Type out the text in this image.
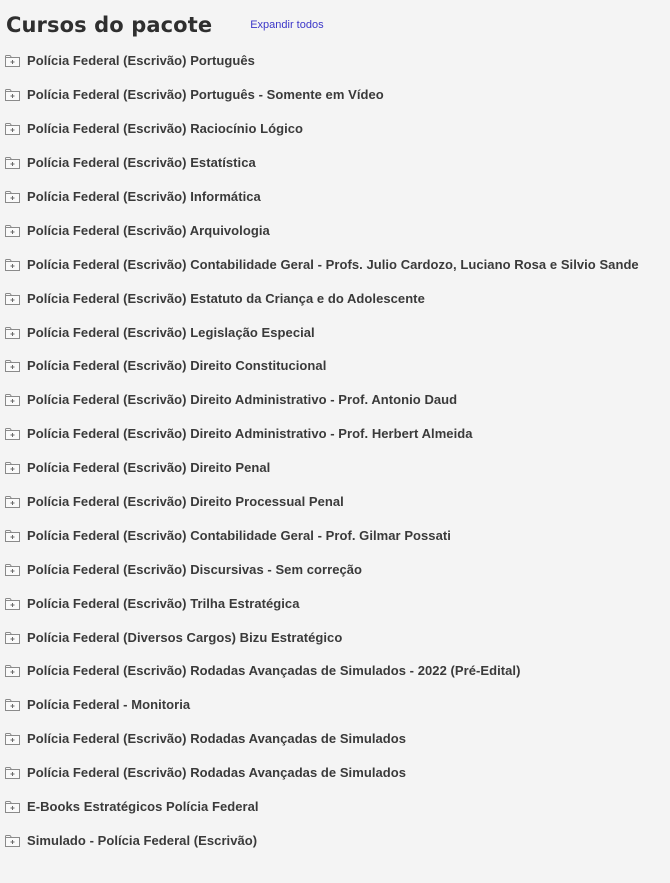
Cursos do pacote	Expandir todos
Polícia Federal (Escrivão) Português
Polícia Federal (Escrivão) Português - Somente em Vídeo
Polícia Federal (Escrivão) Raciocínio Lógico
Polícia Federal (Escrivão) Estatística
Polícia Federal (Escrivão) Informática
Polícia Federal (Escrivão) Arquivologia
Polícia Federal (Escrivão) Contabilidade Geral - Profs. Julio Cardozo, Luciano Rosa e Silvio Sande
Polícia Federal (Escrivão) Estatuto da Criança e do Adolescente
Polícia Federal (Escrivão) Legislação Especial
Polícia Federal (Escrivão) Direito Constitucional
Polícia Federal (Escrivão) Direito Administrativo - Prof. Antonio Daud
Polícia Federal (Escrivão) Direito Administrativo - Prof. Herbert Almeida
Polícia Federal (Escrivão) Direito Penal
Polícia Federal (Escrivão) Direito Processual Penal
Polícia Federal (Escrivão) Contabilidade Geral - Prof. Gilmar Possati
Polícia Federal (Escrivão) Discursivas - Sem correção
Polícia Federal (Escrivão) Trilha Estratégica
Polícia Federal (Diversos Cargos) Bizu Estratégico
Polícia Federal (Escrivão) Rodadas Avançadas de Simulados - 2022 (Pré-Edital)
Polícia Federal - Monitoria
Polícia Federal (Escrivão) Rodadas Avançadas de Simulados
Polícia Federal (Escrivão) Rodadas Avançadas de Simulados
E-Books Estratégicos Polícia Federal
Simulado - Polícia Federal (Escrivão)
